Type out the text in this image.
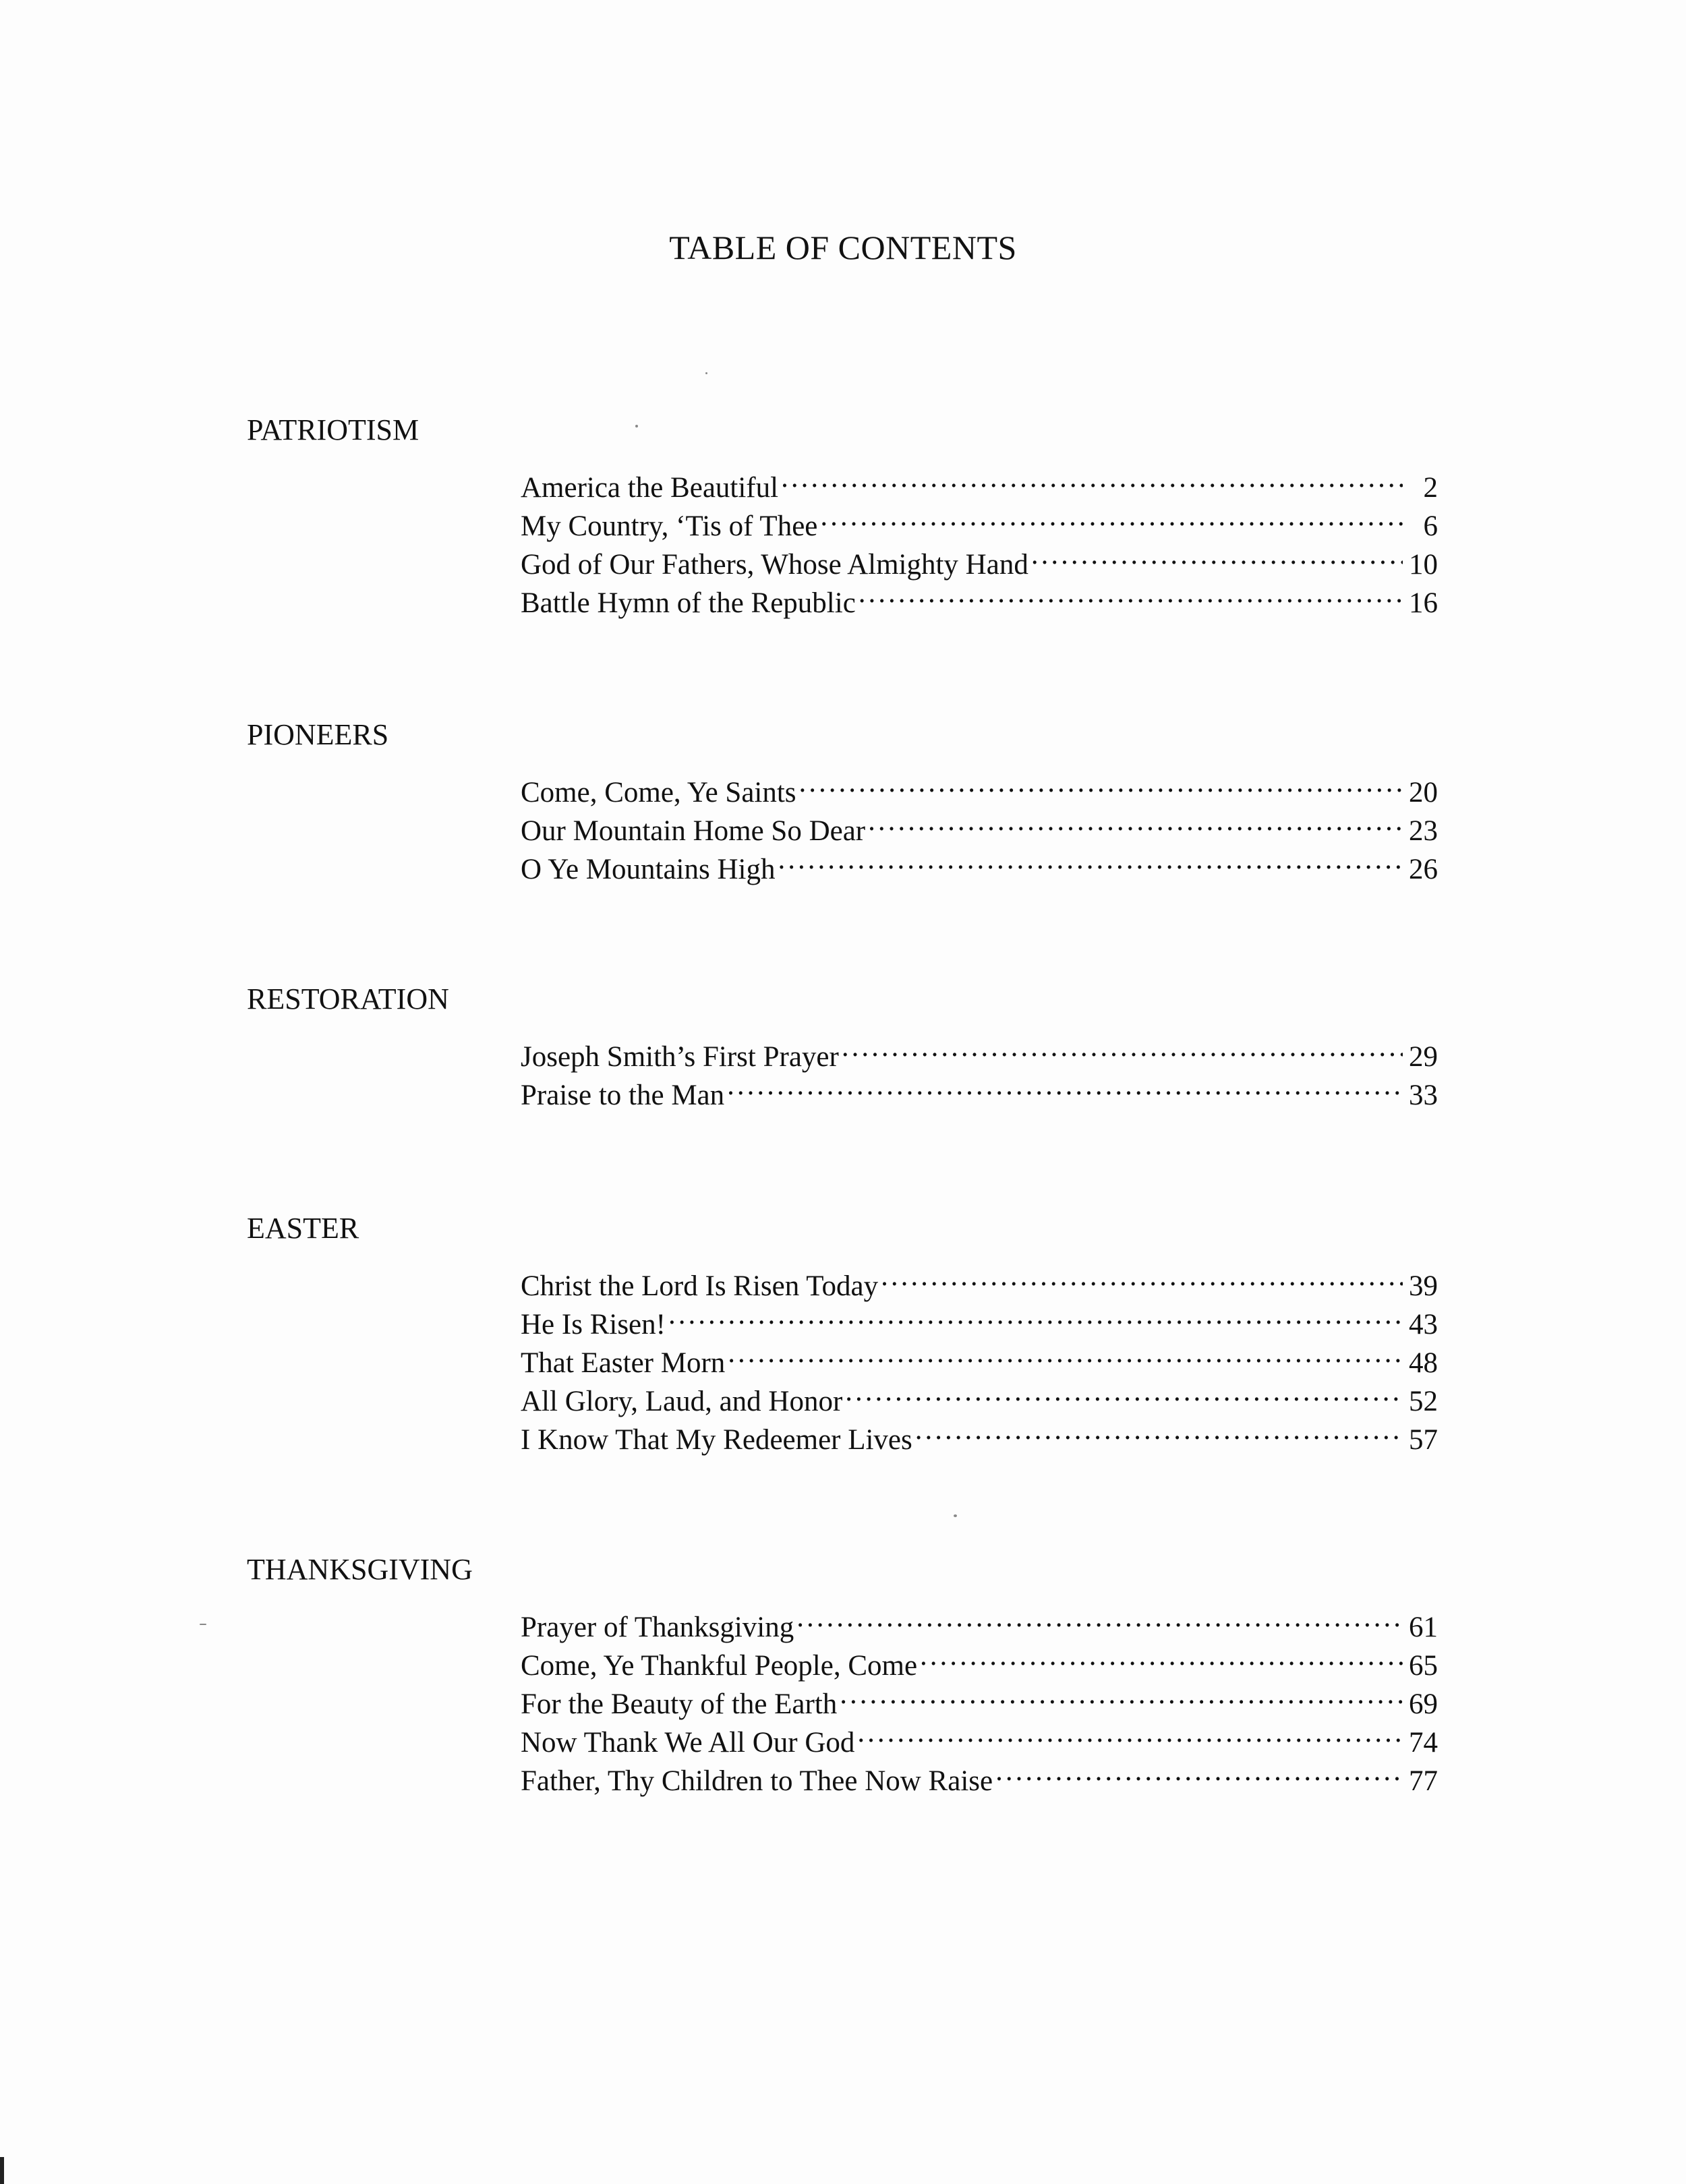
TABLE OF CONTENTS
PATRIOTISM
America the Beautiful .....	2
My Country, ‘Tis of Thee .....	6
God of Our Fathers, Whose Almighty Hand .....	10
Battle Hymn of the Republic .....	16
PIONEERS
Come, Come, Ye Saints .....	20
Our Mountain Home So Dear .....	23
O Ye Mountains High .....	26
RESTORATION
Joseph Smith’s First Prayer .....	29
Praise to the Man .....	33
EASTER
Christ the Lord Is Risen Today .....	39
He Is Risen! .....	43
That Easter Morn .....	48
All Glory, Laud, and Honor .....	52
I Know That My Redeemer Lives .....	57
THANKSGIVING
Prayer of Thanksgiving .....	61
Come, Ye Thankful People, Come .....	65
For the Beauty of the Earth .....	69
Now Thank We All Our God .....	74
Father, Thy Children to Thee Now Raise .....	77
